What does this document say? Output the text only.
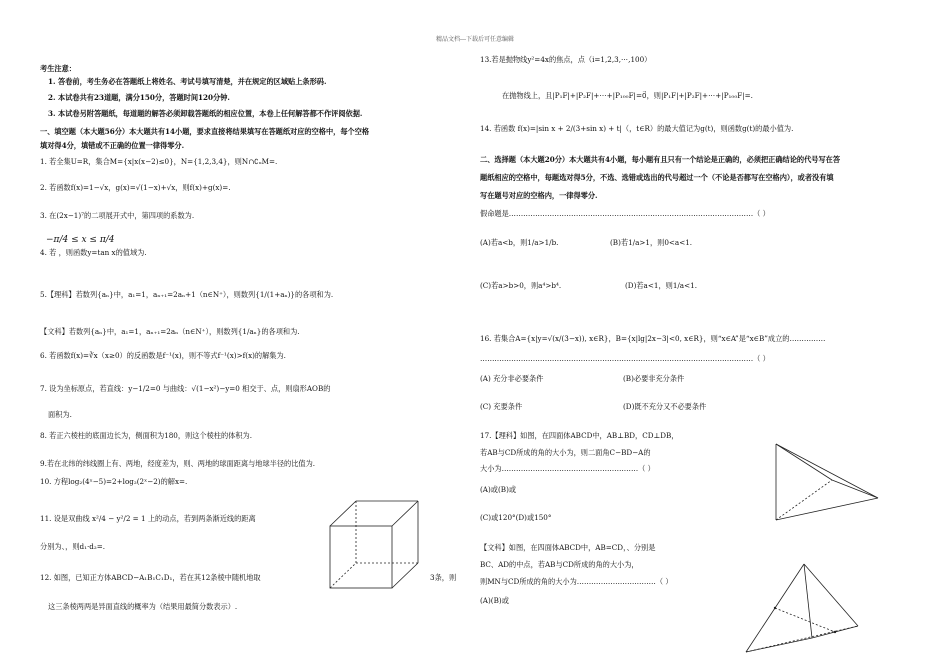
精品文档---下载后可任意编辑
考生注意：
1. 答卷前，考生务必在答题纸上将姓名、考试号填写清楚，并在规定的区域贴上条形码.
2. 本试卷共有23道题，满分150分，答题时间120分钟.
3. 本试卷另附答题纸，每道题的解答必须卸载答题纸的相应位置，本卷上任何解答都不作评阅依据.
一、填空题（本大题56分）本大题共有14小题，要求直接将结果填写在答题纸对应的空格中，每个空格
填对得4分，填错或不正确的位置一律得零分.
1. 若全集U=R，集合M={x|x(x−2)≤0}，N={1,2,3,4}，则N∩∁ᵤM=.
2. 若函数f(x)=1−√x，g(x)=√(1−x)+√x，则f(x)+g(x)=.
3. 在(2x−1)⁷的二项展开式中，第四项的系数为.
−π/4 ≤ x ≤ π/4
4. 若 ，则函数y=tan x的值域为.
5.【理科】若数列{aₙ}中，a₁=1，aₙ₊₁=2aₙ+1（n∈N⁺），则数列{1/(1+aₙ)}的各项和为.
【文科】若数列{aₙ}中，a₁=1，aₙ₊₁=2aₙ（n∈N⁺），则数列{1/aₙ}的各项和为.
6. 若函数f(x)=∛x（x≥0）的反函数是f⁻¹(x)，则不等式f⁻¹(x)>f(x)的解集为.
7. 设为坐标原点，若直线：y−1/2=0 与曲线：√(1−x²)−y=0 相交于、点，则扇形AOB的
面积为.
8. 若正六棱柱的底面边长为，侧面积为180，则这个棱柱的体积为.
9.若在北纬的纬线圈上有、两地，经度差为，则、两地的球面距离与地球半径的比值为.
10. 方程log₂(4ˣ−5)=2+log₂(2ˣ−2)的解x=.
11. 设是双曲线 x²/4 − y²/2 = 1 上的动点，若到两条渐近线的距离
分别为、，则d₁·d₂=.
12. 如图，已知正方体ABCD−A₁B₁C₁D₁，若在其12条棱中随机地取	3条，则
这三条棱两两是异面直线的概率为（结果用最简分数表示）.
13.若是抛物线y²=4x的焦点，点（i=1,2,3,⋯,100）
在抛物线上，且|P₁F|+|P₂F|+⋯+|P₁₀₀F|=0⃗，则|P₁F|+|P₂F|+⋯+|P₁₀₀F|=.
14. 若函数 f(x)=|sin x + 2/(3+sin x) + t|（，t∈R）的最大值记为g(t)，则函数g(t)的最小值为.
二、选择题（本大题20分）本大题共有4小题，每小题有且只有一个结论是正确的，必须把正确结论的代号写在答
题纸相应的空格中，每题选对得5分，不选、选错或选出的代号超过一个（不论是否都写在空格内），或者没有填
写在题号对应的空格内，一律得零分.
假命题是…………………………………………………………………………………………（ ）
(A)若a<b，则1/a>1/b.	(B)若1/a>1，则0<a<1.
(C)若a>b>0，则a⁴>b⁴.	(D)若a<1，则1/a<1.
16. 若集合A={x|y=√(x/(3−x)), x∈R}，B={x|lg|2x−3|<0, x∈R}，则“x∈A”是“x∈B”成立的……………
……………………………………………………………………………………………………（ ）
(A) 充分非必要条件	(B)必要非充分条件
(C) 充要条件	(D)既不充分又不必要条件
17.【理科】如图，在四面体ABCD中，AB⊥BD，CD⊥DB，
若AB与CD所成的角的大小为，则二面角C−BD−A的
大小为…………………………………………………（ ）
(A)或(B)或
(C)或120°(D)或150°
【文科】如图，在四面体ABCD中，AB=CD，、分别是
BC、AD的中点，若AB与CD所成的角的大小为，
则MN与CD所成的角的大小为……………………………（ ）
(A)(B)或
